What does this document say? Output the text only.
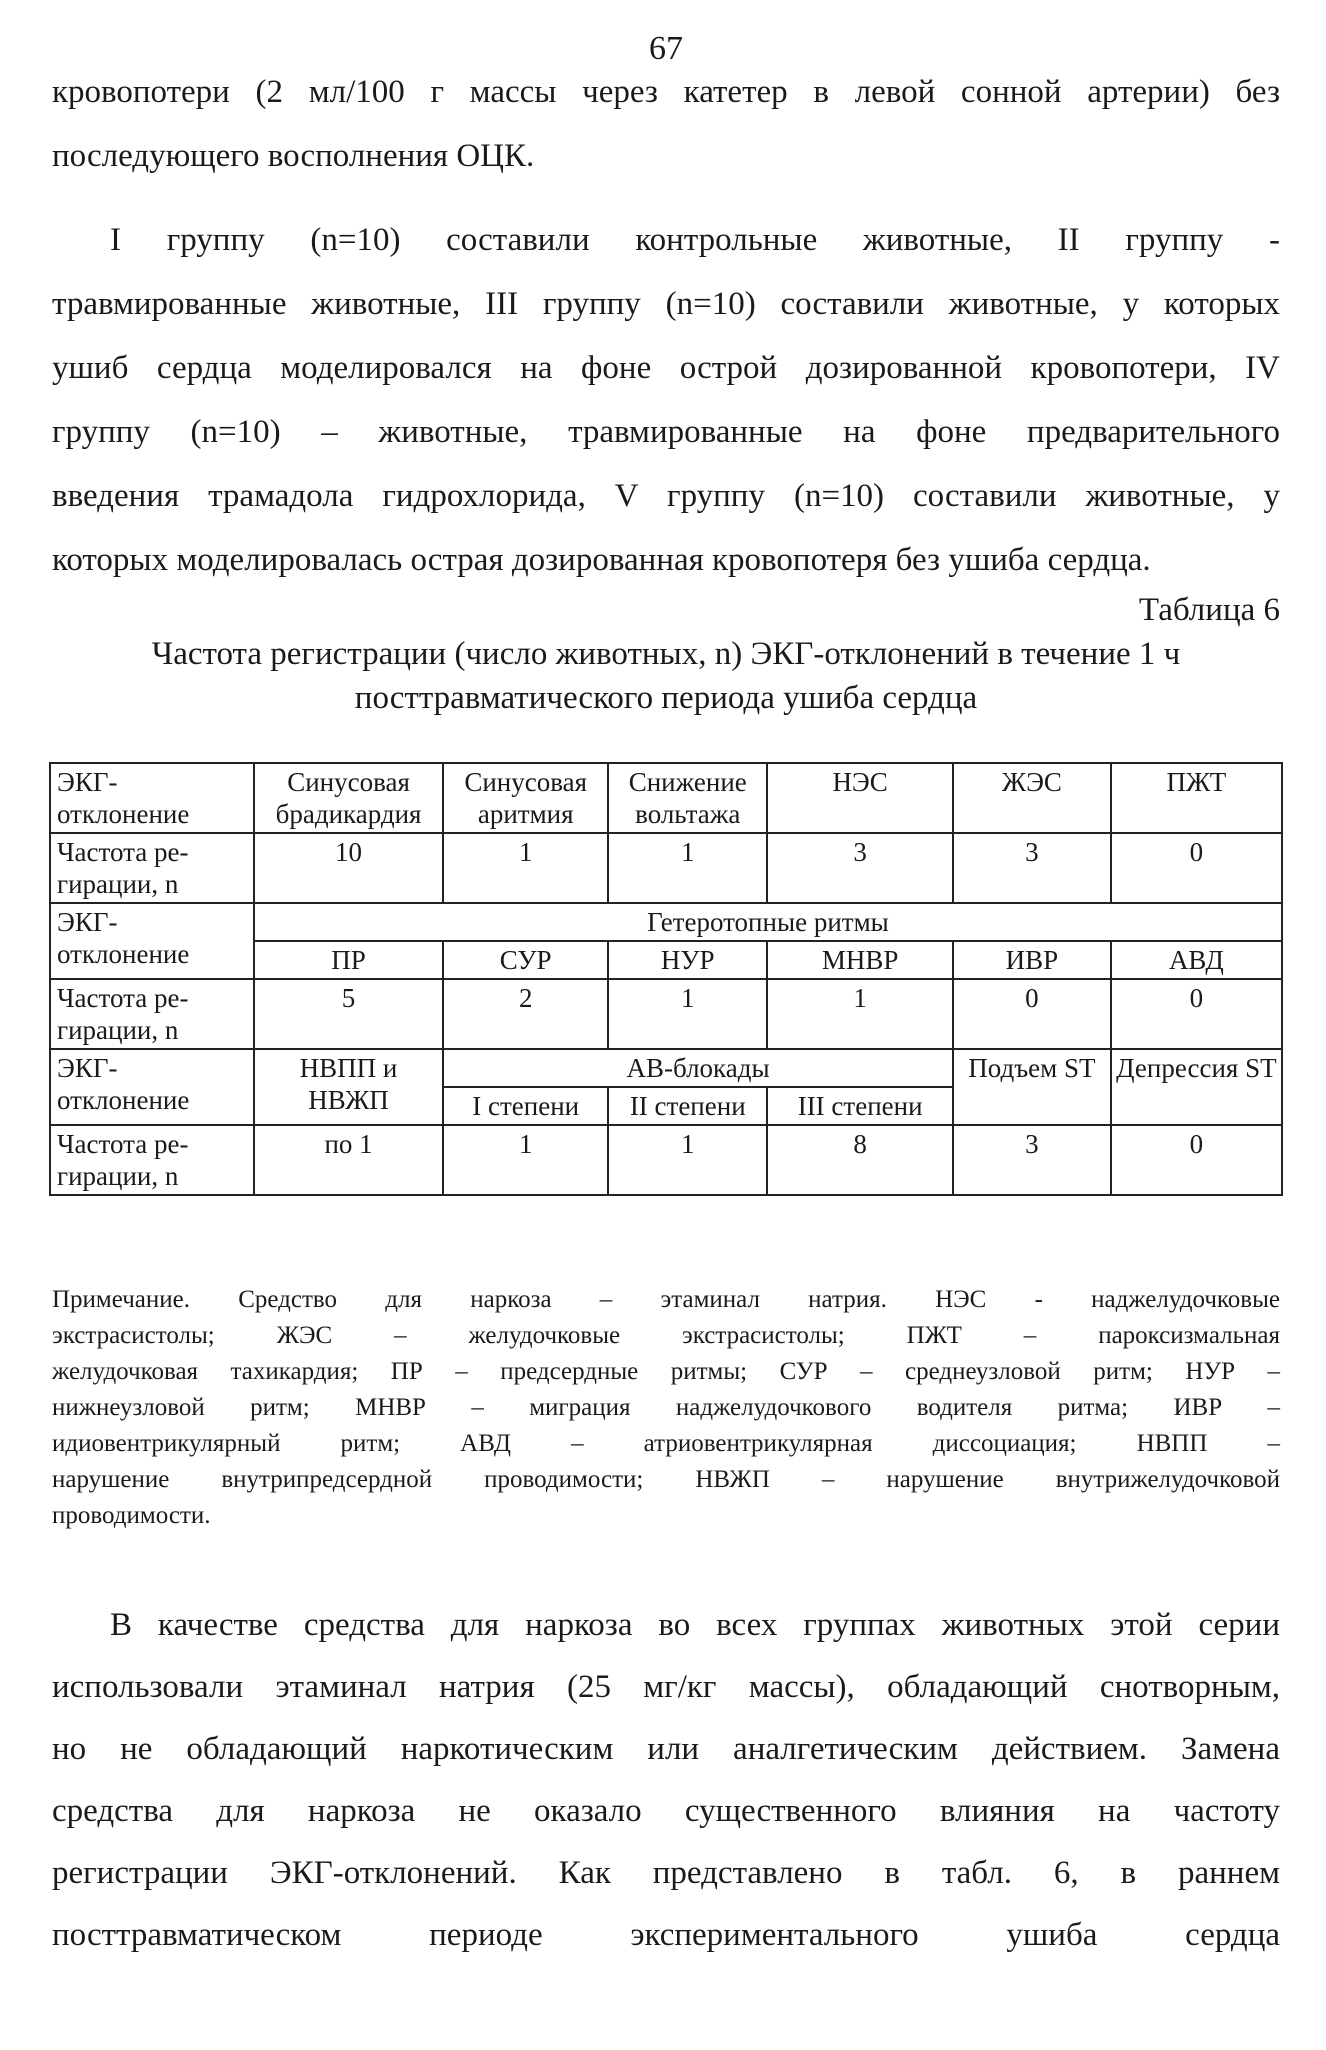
67

кровопотери (2 мл/100 г массы через катетер в левой сонной артерии) без
последующего восполнения ОЦК.

I группу (n=10) составили контрольные животные, II группу -
травмированные животные, III группу (n=10) составили животные, у которых
ушиб сердца моделировался на фоне острой дозированной кровопотери, IV
группу (n=10) – животные, травмированные на фоне предварительного
введения трамадола гидрохлорида, V группу (n=10) составили животные, у
которых моделировалась острая дозированная кровопотеря без ушиба сердца.

Таблица 6
Частота регистрации (число животных, n) ЭКГ-отклонений в течение 1 ч
посттравматического периода ушиба сердца
ЭКГ-отклонение	Синусовая брадикардия	Синусовая аритмия	Снижение вольтажа	НЭС	ЖЭС	ПЖТ
Частота ре-гирации, n	10	1	1	3	3	0
ЭКГ-отклонение	Гетеротопные ритмы					
	ПР	СУР	НУР	МНВР	ИВР	АВД
Частота ре-гирации, n	5	2	1	1	0	0
ЭКГ-отклонение	НВПП и НВЖП	АВ-блокады			Подъем ST	Депрессия ST
		I степени	II степени	III степени		
Частота ре-гирации, n	по 1	1	1	8	3	0

Примечание. Средство для наркоза – этаминал натрия. НЭС - наджелудочковые
экстрасистолы; ЖЭС – желудочковые экстрасистолы; ПЖТ – пароксизмальная
желудочковая тахикардия; ПР – предсердные ритмы; СУР – среднеузловой ритм; НУР –
нижнеузловой ритм; МНВР – миграция наджелудочкового водителя ритма; ИВР –
идиовентрикулярный ритм; АВД – атриовентрикулярная диссоциация; НВПП –
нарушение внутрипредсердной проводимости; НВЖП – нарушение внутрижелудочковой
проводимости.

В качестве средства для наркоза во всех группах животных этой серии
использовали этаминал натрия (25 мг/кг массы), обладающий снотворным,
но не обладающий наркотическим или аналгетическим действием. Замена
средства для наркоза не оказало существенного влияния на частоту
регистрации ЭКГ-отклонений. Как представлено в табл. 6, в раннем
посттравматическом периоде экспериментального ушиба сердца
